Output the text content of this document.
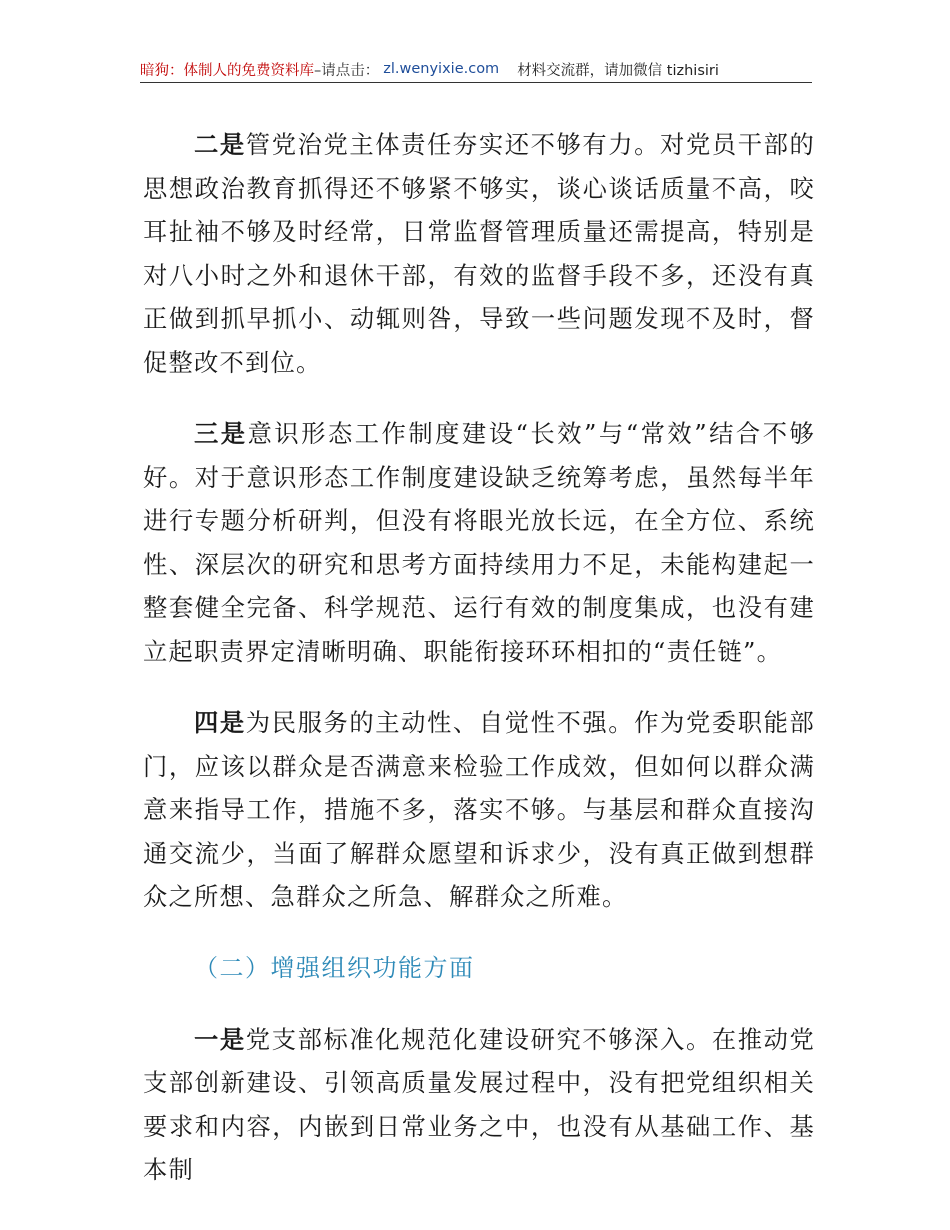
暗狗：体制人的免费资料库 –请点击： zl.wenyixie.com 材料交流群，请加微信 tizhisiri

二是管党治党主体责任夯实还不够有力。对党员干部的思想政治教育抓得还不够紧不够实，谈心谈话质量不高，咬耳扯袖不够及时经常，日常监督管理质量还需提高，特别是对八小时之外和退休干部，有效的监督手段不多，还没有真正做到抓早抓小、动辄则咎，导致一些问题发现不及时，督促整改不到位。

三是意识形态工作制度建设“长效”与“常效”结合不够好。对于意识形态工作制度建设缺乏统筹考虑，虽然每半年进行专题分析研判，但没有将眼光放长远，在全方位、系统性、深层次的研究和思考方面持续用力不足，未能构建起一整套健全完备、科学规范、运行有效的制度集成，也没有建立起职责界定清晰明确、职能衔接环环相扣的“责任链”。

四是为民服务的主动性、自觉性不强。作为党委职能部门，应该以群众是否满意来检验工作成效，但如何以群众满意来指导工作，措施不多，落实不够。与基层和群众直接沟通交流少，当面了解群众愿望和诉求少，没有真正做到想群众之所想、急群众之所急、解群众之所难。

（二）增强组织功能方面

一是党支部标准化规范化建设研究不够深入。在推动党支部创新建设、引领高质量发展过程中，没有把党组织相关要求和内容，内嵌到日常业务之中，也没有从基础工作、基本制
